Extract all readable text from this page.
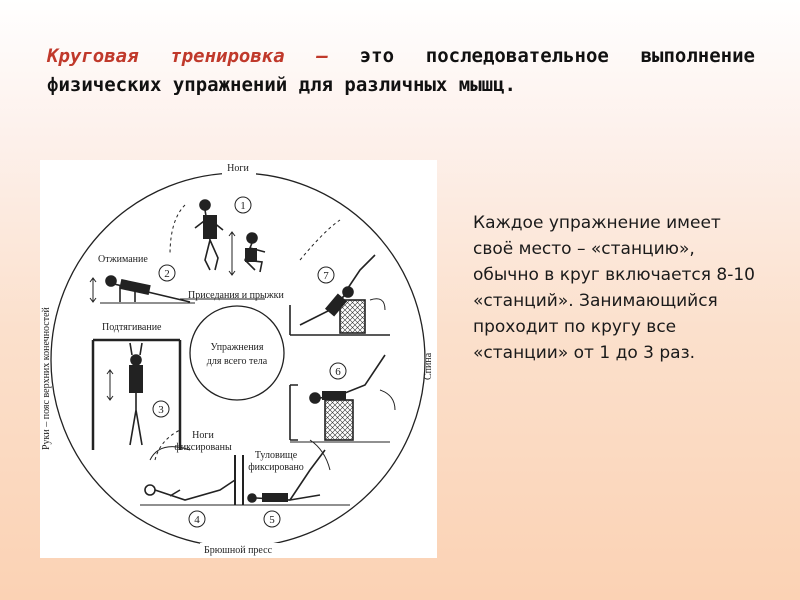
Круговая тренировка – это последовательное выполнение физических упражнений для различных мышц.
Упражнения
для всего тела
Ноги
Брюшной пресс
Руки – пояс верхних конечностей	Спина
1
2
3
4	5
6
7
Отжимание
Подтягивание
Приседания и прыжки
Ноги
фиксированы
Туловище
фиксировано
Каждое упражнение имеет своё место – «станцию», обычно в круг включается 8-10 «станций». Занимающийся проходит по кругу все «станции» от 1 до 3 раз.
